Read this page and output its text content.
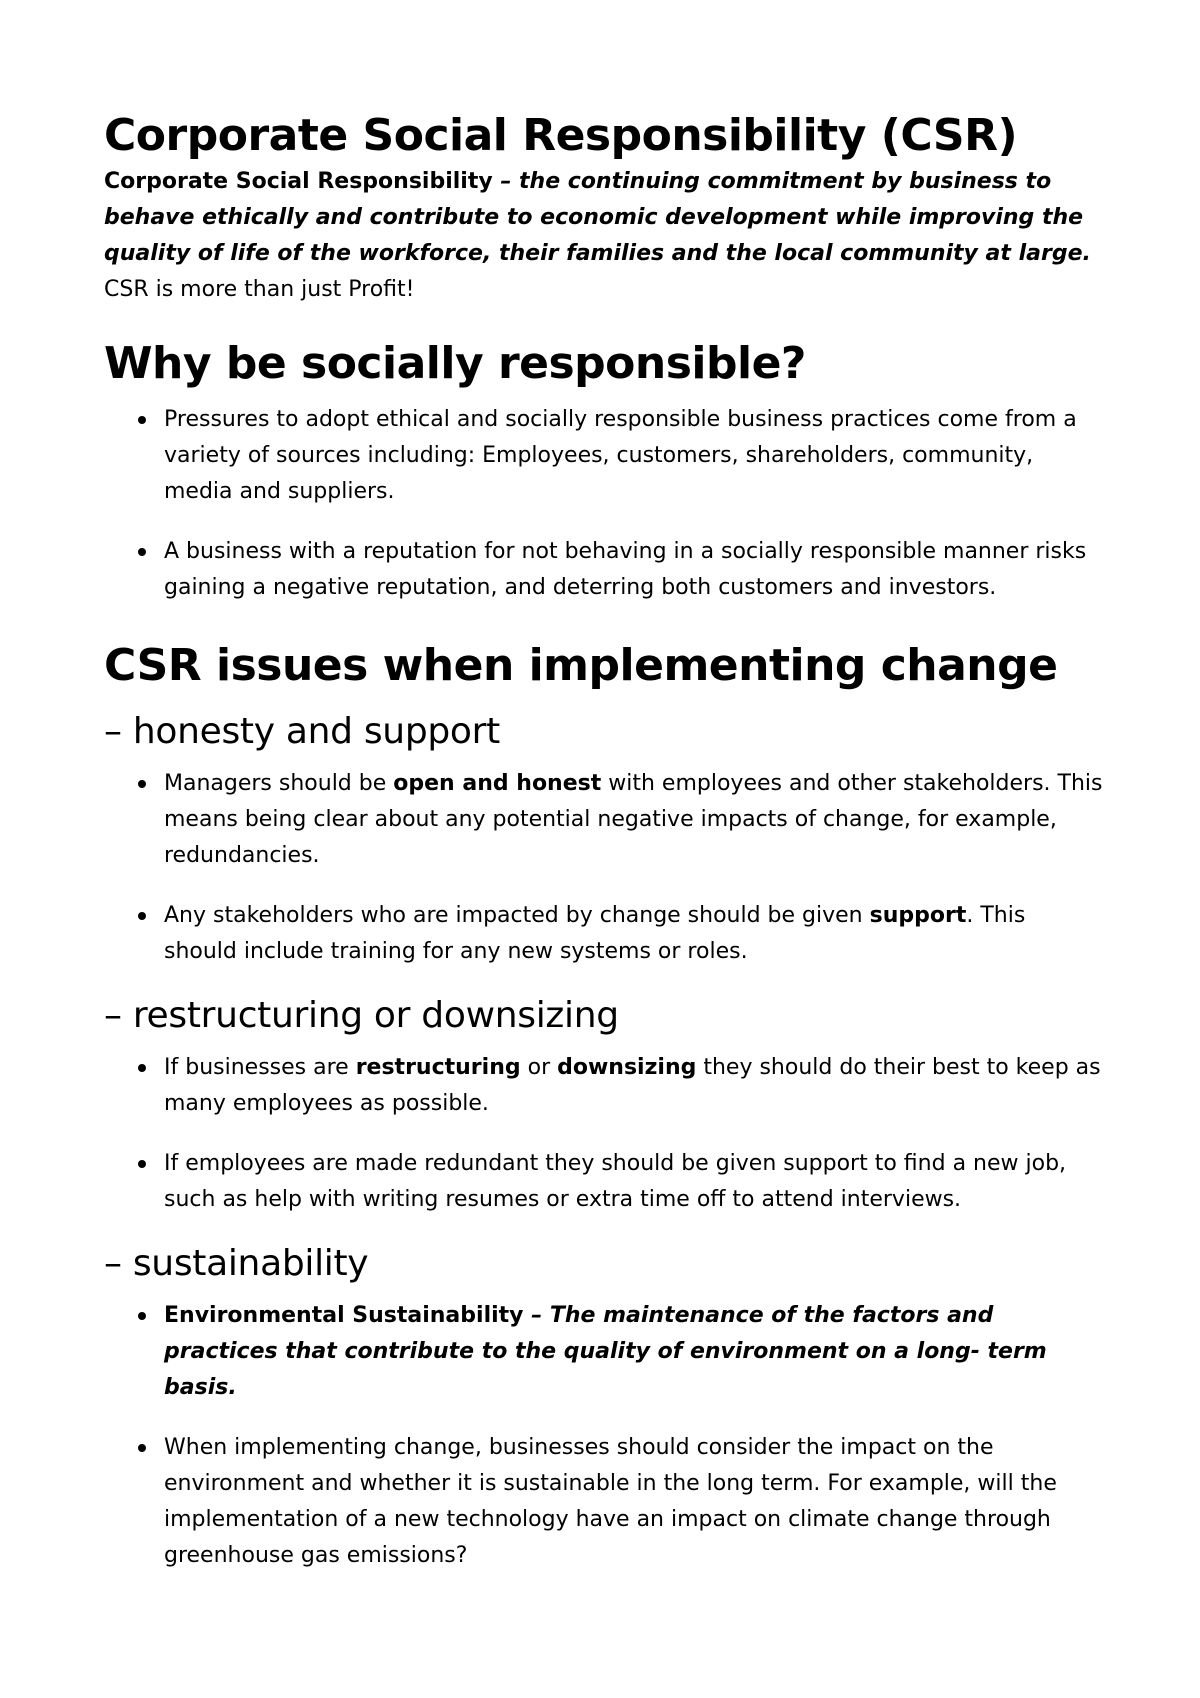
Corporate Social Responsibility (CSR)

Corporate Social Responsibility – the continuing commitment by business to behave ethically and contribute to economic development while improving the quality of life of the workforce, their families and the local community at large.

CSR is more than just Profit!

Why be socially responsible?
Pressures to adopt ethical and socially responsible business practices come from a variety of sources including: Employees, customers, shareholders, community, media and suppliers.
A business with a reputation for not behaving in a socially responsible manner risks gaining a negative reputation, and deterring both customers and investors.
CSR issues when implementing change
– honesty and support
Managers should be open and honest with employees and other stakeholders. This means being clear about any potential negative impacts of change, for example, redundancies.
Any stakeholders who are impacted by change should be given support. This should include training for any new systems or roles.
– restructuring or downsizing
If businesses are restructuring or downsizing they should do their best to keep as many employees as possible.
If employees are made redundant they should be given support to find a new job, such as help with writing resumes or extra time off to attend interviews.
– sustainability
Environmental Sustainability – The maintenance of the factors and practices that contribute to the quality of environment on a long- term basis.
When implementing change, businesses should consider the impact on the environment and whether it is sustainable in the long term. For example, will the implementation of a new technology have an impact on climate change through greenhouse gas emissions?
